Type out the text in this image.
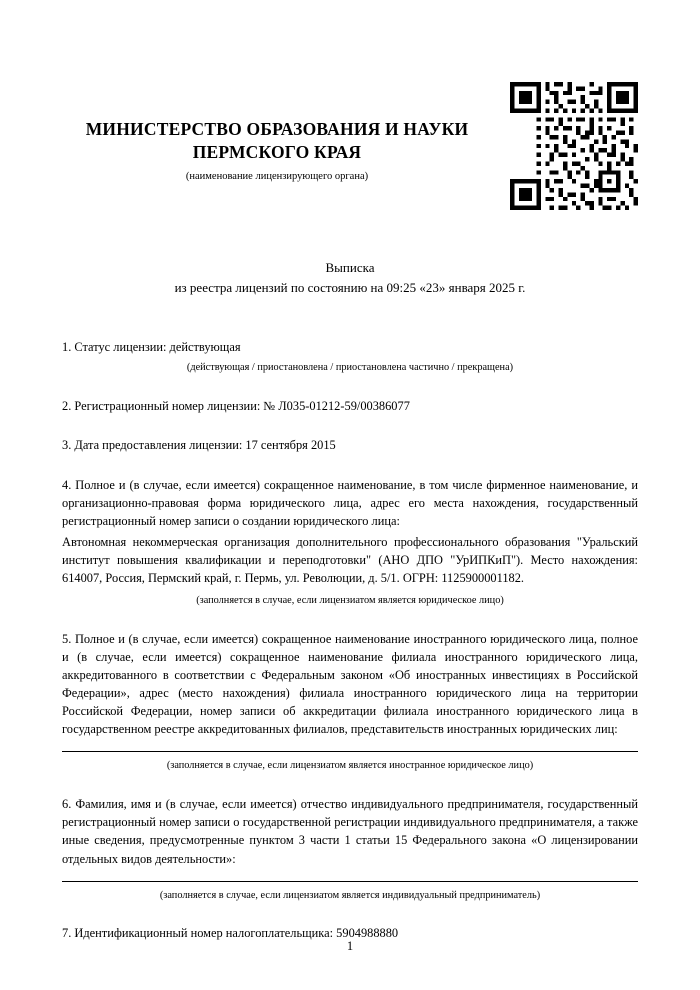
МИНИСТЕРСТВО ОБРАЗОВАНИЯ И НАУКИ ПЕРМСКОГО КРАЯ
(наименование лицензирующего органа)
Выписка
из реестра лицензий по состоянию на 09:25 «23» января 2025 г.
1. Статус лицензии: действующая
(действующая / приостановлена / приостановлена частично / прекращена)
2. Регистрационный номер лицензии: № Л035-01212-59/00386077
3. Дата предоставления лицензии: 17 сентября 2015
4. Полное и (в случае, если имеется) сокращенное наименование, в том числе фирменное наименование, и организационно-правовая форма юридического лица, адрес его места нахождения, государственный регистрационный номер записи о создании юридического лица:
Автономная некоммерческая организация дополнительного профессионального образования "Уральский институт повышения квалификации и переподготовки" (АНО ДПО "УрИПКиП"). Место нахождения: 614007, Россия, Пермский край, г. Пермь, ул. Революции, д. 5/1. ОГРН: 1125900001182.
(заполняется в случае, если лицензиатом является юридическое лицо)
5. Полное и (в случае, если имеется) сокращенное наименование иностранного юридического лица, полное и (в случае, если имеется) сокращенное наименование филиала иностранного юридического лица, аккредитованного в соответствии с Федеральным законом «Об иностранных инвестициях в Российской Федерации», адрес (место нахождения) филиала иностранного юридического лица на территории Российской Федерации, номер записи об аккредитации филиала иностранного юридического лица в государственном реестре аккредитованных филиалов, представительств иностранных юридических лиц:
(заполняется в случае, если лицензиатом является иностранное юридическое лицо)
6. Фамилия, имя и (в случае, если имеется) отчество индивидуального предпринимателя, государственный регистрационный номер записи о государственной регистрации индивидуального предпринимателя, а также иные сведения, предусмотренные пунктом 3 части 1 статьи 15 Федерального закона «О лицензировании отдельных видов деятельности»:
(заполняется в случае, если лицензиатом является индивидуальный предприниматель)
7. Идентификационный номер налогоплательщика: 5904988880
1
